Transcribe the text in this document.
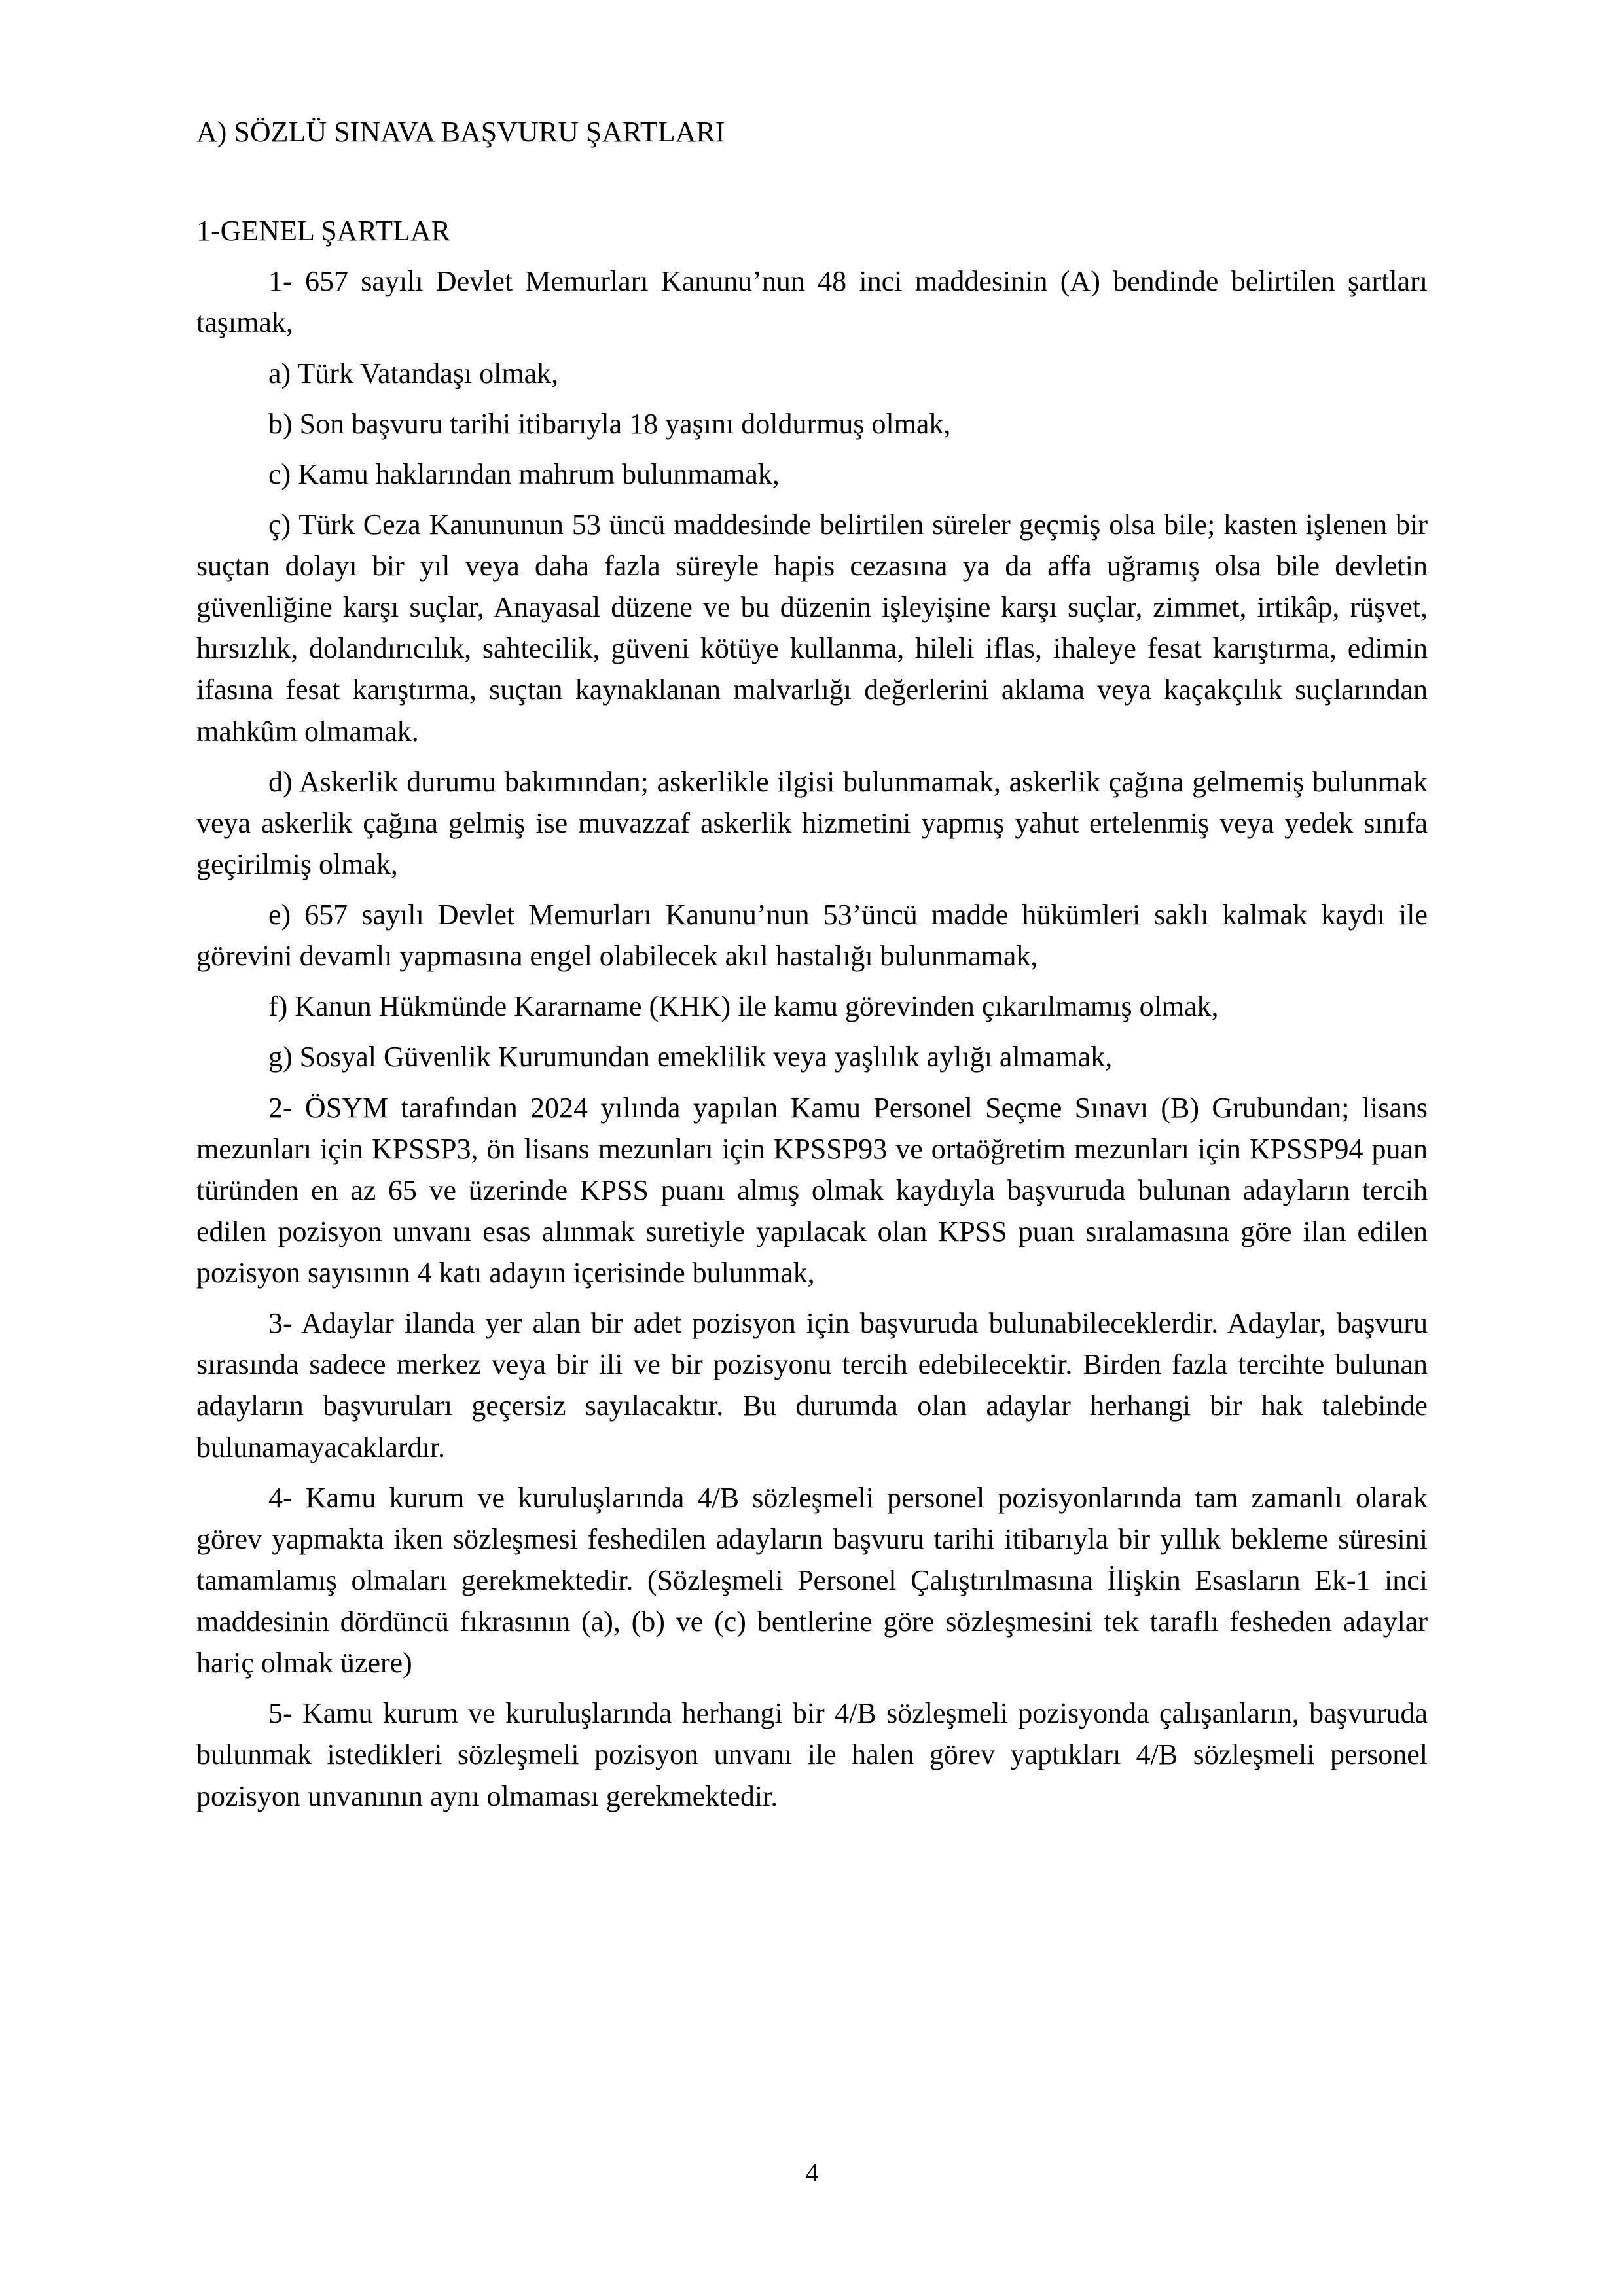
A) SÖZLÜ SINAVA BAŞVURU ŞARTLARI
1-GENEL ŞARTLAR

1- 657 sayılı Devlet Memurları Kanunu’nun 48 inci maddesinin (A) bendinde belirtilen şartları taşımak,

a) Türk Vatandaşı olmak,

b) Son başvuru tarihi itibarıyla 18 yaşını doldurmuş olmak,

c) Kamu haklarından mahrum bulunmamak,

ç) Türk Ceza Kanununun 53 üncü maddesinde belirtilen süreler geçmiş olsa bile; kasten işlenen bir suçtan dolayı bir yıl veya daha fazla süreyle hapis cezasına ya da affa uğramış olsa bile devletin güvenliğine karşı suçlar, Anayasal düzene ve bu düzenin işleyişine karşı suçlar, zimmet, irtikâp, rüşvet, hırsızlık, dolandırıcılık, sahtecilik, güveni kötüye kullanma, hileli iflas, ihaleye fesat karıştırma, edimin ifasına fesat karıştırma, suçtan kaynaklanan malvarlığı değerlerini aklama veya kaçakçılık suçlarından mahkûm olmamak.

d) Askerlik durumu bakımından; askerlikle ilgisi bulunmamak, askerlik çağına gelmemiş bulunmak veya askerlik çağına gelmiş ise muvazzaf askerlik hizmetini yapmış yahut ertelenmiş veya yedek sınıfa geçirilmiş olmak,

e) 657 sayılı Devlet Memurları Kanunu’nun 53’üncü madde hükümleri saklı kalmak kaydı ile görevini devamlı yapmasına engel olabilecek akıl hastalığı bulunmamak,

f) Kanun Hükmünde Kararname (KHK) ile kamu görevinden çıkarılmamış olmak,

g) Sosyal Güvenlik Kurumundan emeklilik veya yaşlılık aylığı almamak,

2- ÖSYM tarafından 2024 yılında yapılan Kamu Personel Seçme Sınavı (B) Grubundan; lisans mezunları için KPSSP3, ön lisans mezunları için KPSSP93 ve ortaöğretim mezunları için KPSSP94 puan türünden en az 65 ve üzerinde KPSS puanı almış olmak kaydıyla başvuruda bulunan adayların tercih edilen pozisyon unvanı esas alınmak suretiyle yapılacak olan KPSS puan sıralamasına göre ilan edilen pozisyon sayısının 4 katı adayın içerisinde bulunmak,

3- Adaylar ilanda yer alan bir adet pozisyon için başvuruda bulunabileceklerdir. Adaylar, başvuru sırasında sadece merkez veya bir ili ve bir pozisyonu tercih edebilecektir. Birden fazla tercihte bulunan adayların başvuruları geçersiz sayılacaktır. Bu durumda olan adaylar herhangi bir hak talebinde bulunamayacaklardır.

4- Kamu kurum ve kuruluşlarında 4/B sözleşmeli personel pozisyonlarında tam zamanlı olarak görev yapmakta iken sözleşmesi feshedilen adayların başvuru tarihi itibarıyla bir yıllık bekleme süresini tamamlamış olmaları gerekmektedir. (Sözleşmeli Personel Çalıştırılmasına İlişkin Esasların Ek-1 inci maddesinin dördüncü fıkrasının (a), (b) ve (c) bentlerine göre sözleşmesini tek taraflı fesheden adaylar hariç olmak üzere)

5- Kamu kurum ve kuruluşlarında herhangi bir 4/B sözleşmeli pozisyonda çalışanların, başvuruda bulunmak istedikleri sözleşmeli pozisyon unvanı ile halen görev yaptıkları 4/B sözleşmeli personel pozisyon unvanının aynı olmaması gerekmektedir.

4
